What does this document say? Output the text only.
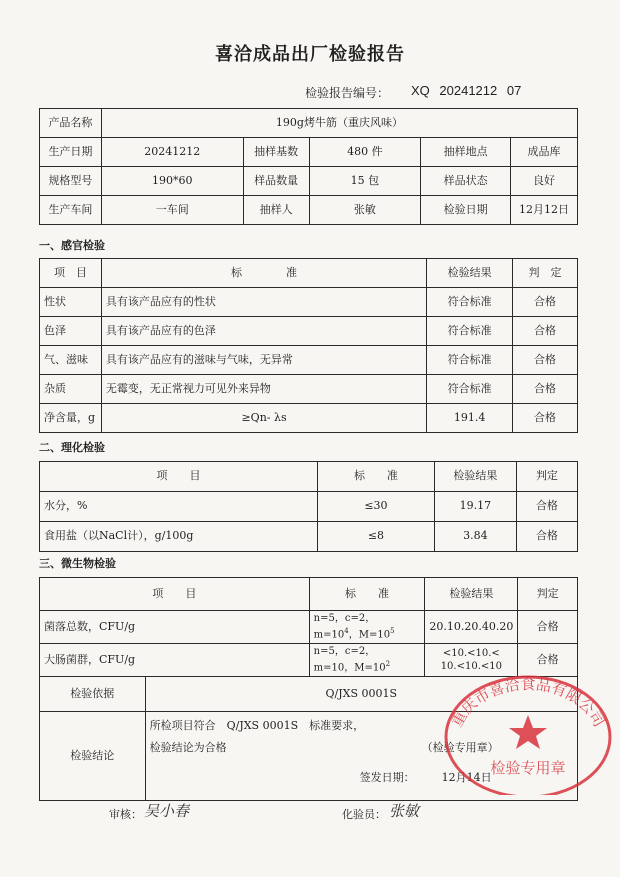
喜洽成品出厂检验报告
检验报告编号： XQ 20241212 07
产品名称	190g烤牛筋（重庆风味）				
生产日期	20241212	抽样基数	480 件	抽样地点	成品库
规格型号	190*60	样品数量	15 包	样品状态	良好
生产车间	一车间	抽样人	张敏	检验日期	12月12日
一、感官检验
项　目	标　　　　准	检验结果	判　定
性状	具有该产品应有的性状	符合标准	合格
色泽	具有该产品应有的色泽	符合标准	合格
气、滋味	具有该产品应有的滋味与气味，无异常	符合标准	合格
杂质	无霉变，无正常视力可见外来异物	符合标准	合格
净含量，g	≥Qn- λs	191.4	合格
二、理化检验
项　　目	标　　准	检验结果	判定
水分，%	≤30	19.17	合格
食用盐（以NaCl计），g/100g	≤8	3.84	合格
三、微生物检验
项　　目		标　　准	检验结果	判定
菌落总数，CFU/g		n=5，c=2，
$m=10^4$，$M=10^5$	20.10.20.40.20	合格
大肠菌群，CFU/g		n=5，c=2，
m=10，$M=10^2$	<10.<10.<
10.<10.<10	合格
检验依据	Q/JXS 0001S			
检验结论	所检项目符合　Q/JXS 0001S　标准要求，
检验结论为合格 （检验专用章）
签发日期： 12月14日			
审核： 吴小春	化验员： 张敏
重庆市喜洽食品有限公司
检验专用章
